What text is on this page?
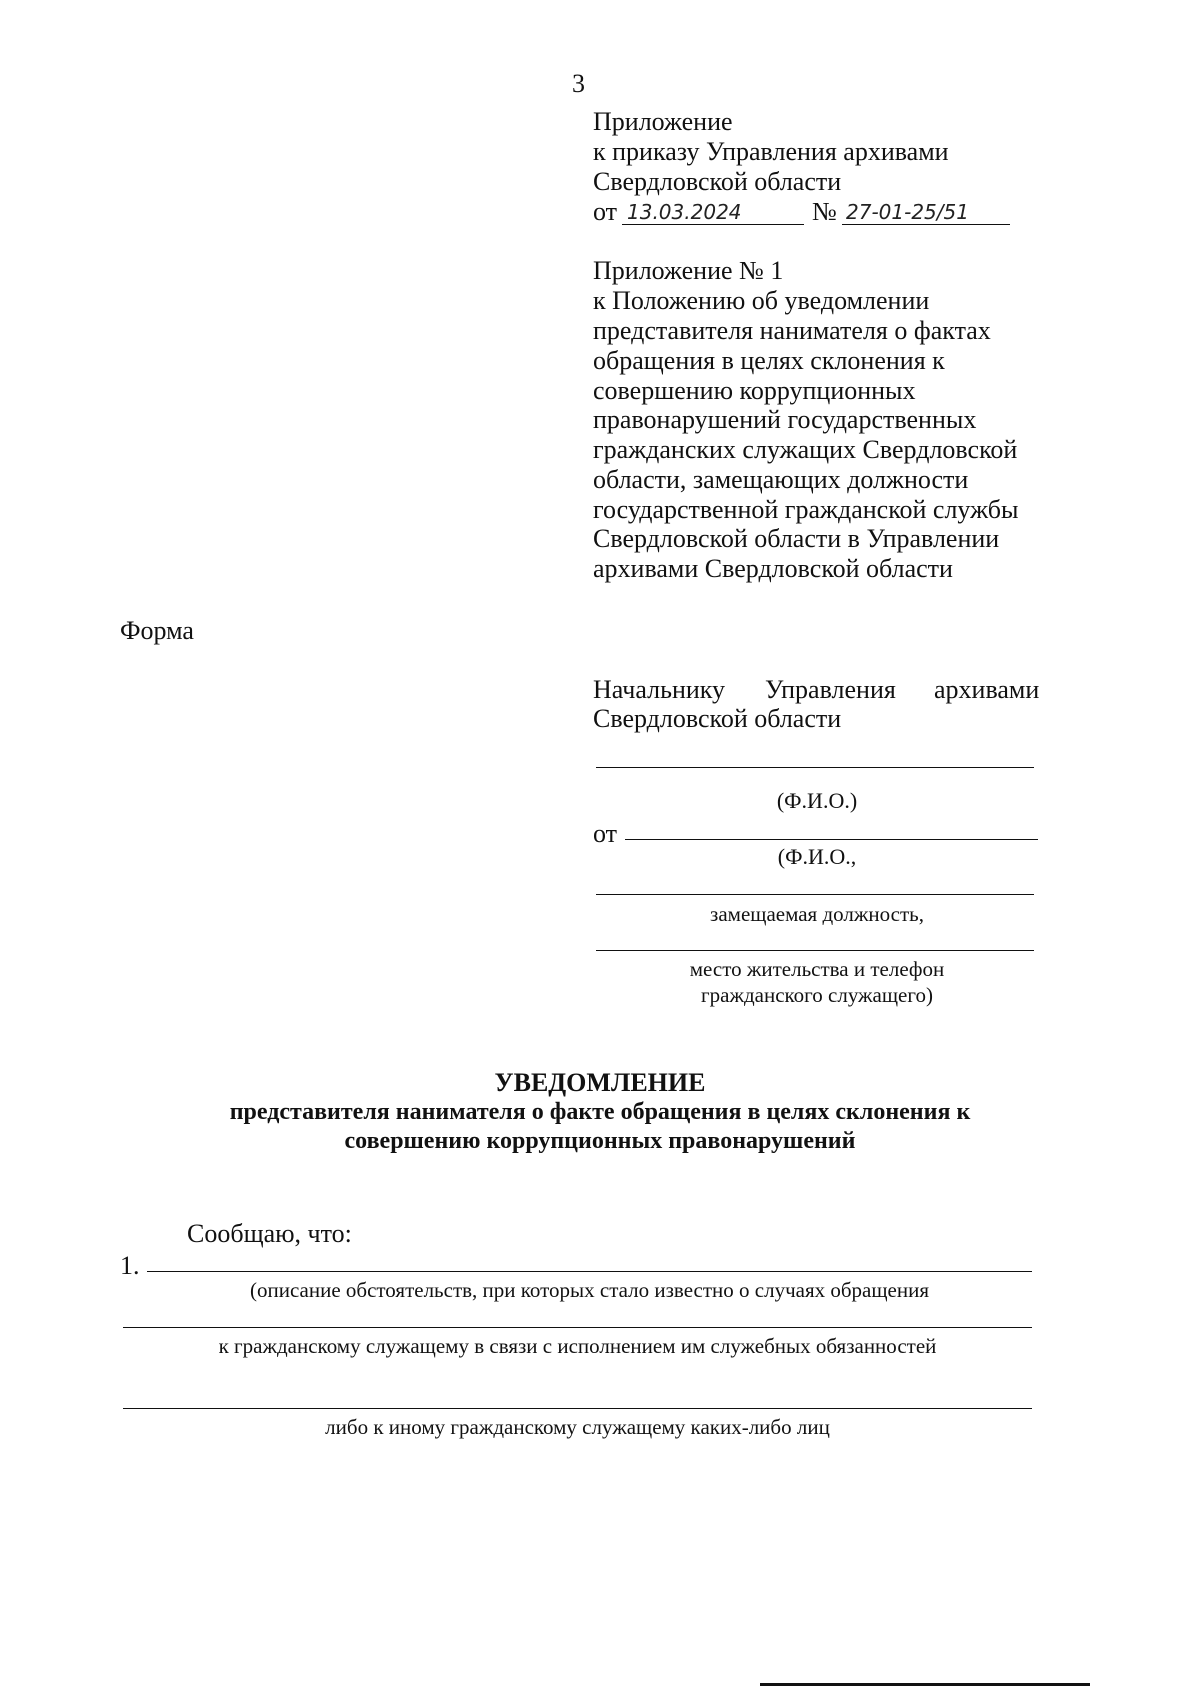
3
Приложение
к приказу Управления архивами
Свердловской области
от 13.03.2024	№ 27-01-25/51
Приложение № 1
к Положению об уведомлении
представителя нанимателя о фактах
обращения в целях склонения к
совершению коррупционных
правонарушений государственных
гражданских служащих Свердловской
области, замещающих должности
государственной гражданской службы
Свердловской области в Управлении
архивами Свердловской области
Форма
Начальнику Управления архивами
Свердловской области
(Ф.И.О.)
от
(Ф.И.О.,
замещаемая должность,
место жительства и телефон
гражданского служащего)
УВЕДОМЛЕНИЕ
представителя нанимателя о факте обращения в целях склонения к
совершению коррупционных правонарушений
Сообщаю, что:
1.
(описание обстоятельств, при которых стало известно о случаях обращения
к гражданскому служащему в связи с исполнением им служебных обязанностей
либо к иному гражданскому служащему каких-либо лиц
